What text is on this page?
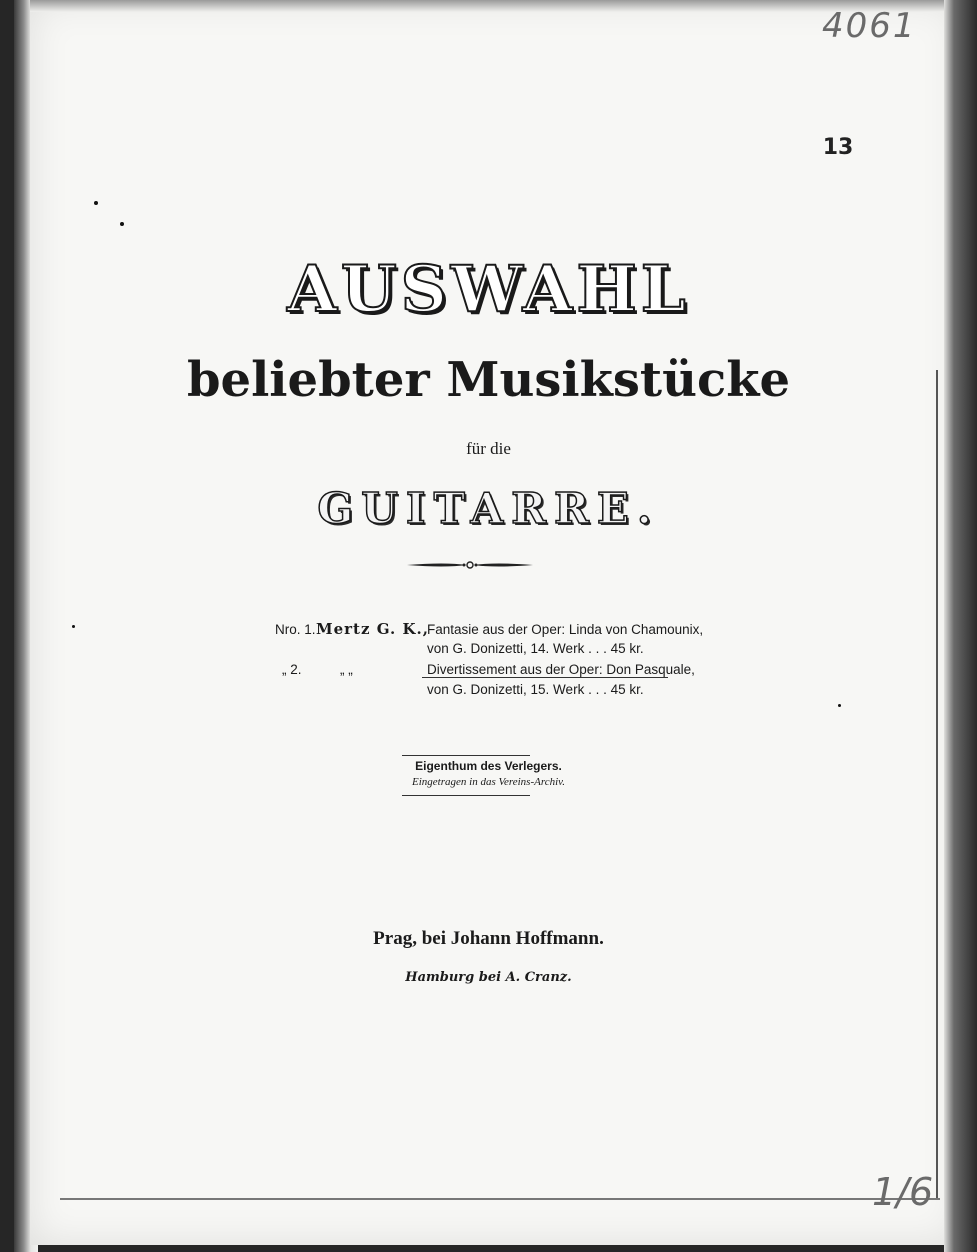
4061
13
1/6
AUSWAHL
beliebter Musikstücke
für die
GUITARRE.
Nro. 1. Mertz G. K.,
Fantasie aus der Oper: Linda von Chamounix,
von G. Donizetti, 14. Werk . . . 45 kr.
„ 2.	„ „	Divertissement aus der Oper: Don Pasquale,
von G. Donizetti, 15. Werk . . . 45 kr.
Eigenthum des Verlegers.
Eingetragen in das Vereins-Archiv.
Prag, bei Johann Hoffmann.
Hamburg bei A. Cranz.
